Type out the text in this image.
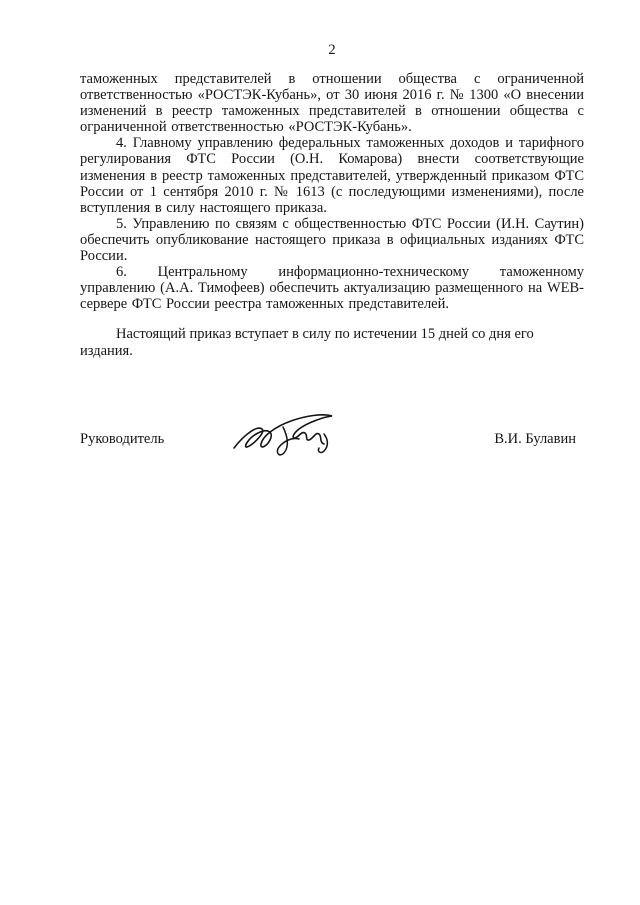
2

таможенных представителей в отношении общества с ограниченной ответственностью «РОСТЭК-Кубань», от 30 июня 2016 г. № 1300 «О внесении изменений в реестр таможенных представителей в отношении общества с ограниченной ответственностью «РОСТЭК-Кубань».

4. Главному управлению федеральных таможенных доходов и тарифного регулирования ФТС России (О.Н. Комарова) внести соответствующие изменения в реестр таможенных представителей, утвержденный приказом ФТС России от 1 сентября 2010 г. № 1613 (с последующими изменениями), после вступления в силу настоящего приказа.

5. Управлению по связям с общественностью ФТС России (И.Н. Саутин) обеспечить опубликование настоящего приказа в официальных изданиях ФТС России.

6. Центральному информационно-техническому таможенному управлению (А.А. Тимофеев) обеспечить актуализацию размещенного на WEB-сервере ФТС России реестра таможенных представителей.

Настоящий приказ вступает в силу по истечении 15 дней со дня его издания.

Руководитель	В.И. Булавин
